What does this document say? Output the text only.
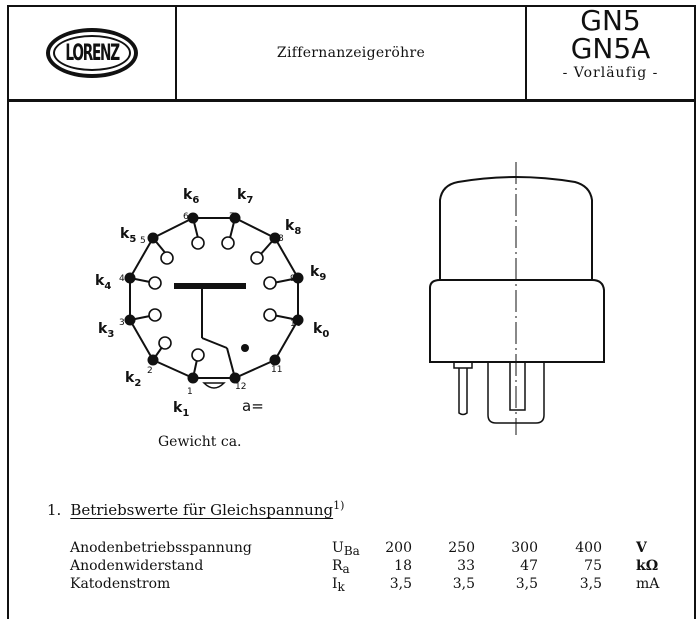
LORENZ	Ziffernanzeigeröhre
GN5
GN5A
- Vorläufig -
1
2
3
4
5
6	7
8
9
10
11
12
$k_1$
$k_2$
$k_3$
$k_4$
$k_5$
$k_6$	$k_7$
$k_8$
$k_9$
$k_0$
a=
Gewicht ca.
1. Betriebswerte für Gleichspannung$^{1)}$
Anodenbetriebsspannung	$U_{Ba}$	200	250	300	400 V
Anodenwiderstand	$R_a$	18	33	47	75 kΩ
Katodenstrom	$I_k$	3,5	3,5	3,5	3,5 mA
